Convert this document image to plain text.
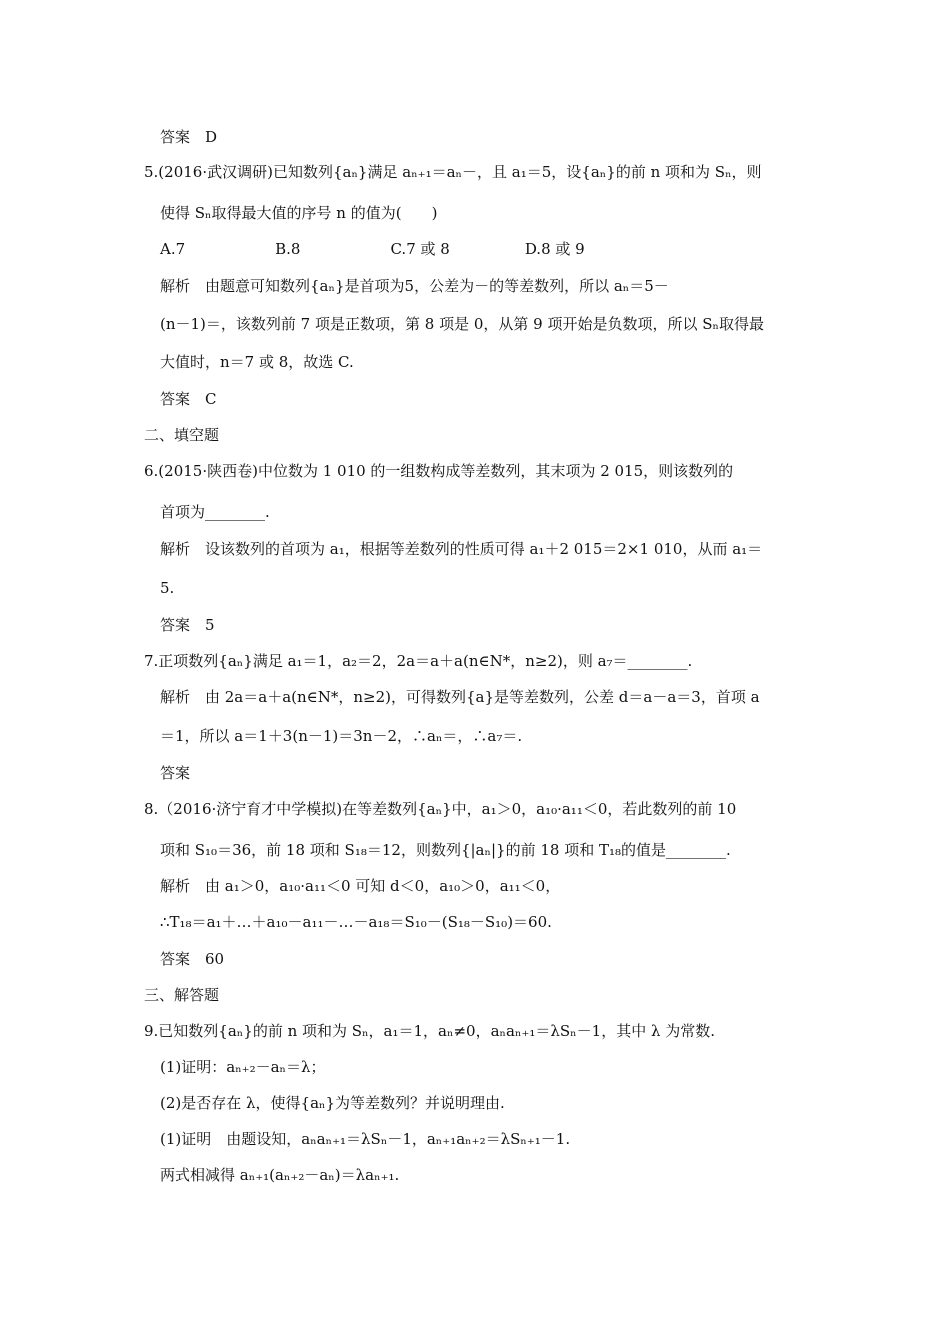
答案　D
5.(2016·武汉调研)已知数列{aₙ}满足 aₙ₊₁＝aₙ－，且 a₁＝5，设{aₙ}的前 n 项和为 Sₙ，则
使得 Sₙ取得最大值的序号 n 的值为(　　)
A.7　　　　　　B.8　　　　　　C.7 或 8　　　　　D.8 或 9
解析　由题意可知数列{aₙ}是首项为5，公差为－的等差数列，所以 aₙ＝5－
(n－1)＝，该数列前 7 项是正数项，第 8 项是 0，从第 9 项开始是负数项，所以 Sₙ取得最
大值时，n＝7 或 8，故选 C.
答案　C
二、填空题
6.(2015·陕西卷)中位数为 1 010 的一组数构成等差数列，其末项为 2 015，则该数列的
首项为________.
解析　设该数列的首项为 a₁，根据等差数列的性质可得 a₁＋2 015＝2×1 010，从而 a₁＝
5.
答案　5
7.正项数列{aₙ}满足 a₁＝1，a₂＝2，2a＝a＋a(n∈N*，n≥2)，则 a₇＝________.
解析　由 2a＝a＋a(n∈N*，n≥2)，可得数列{a}是等差数列，公差 d＝a－a＝3，首项 a
＝1，所以 a＝1＋3(n－1)＝3n－2，∴aₙ＝，∴a₇＝.
答案
8.（2016·济宁育才中学模拟)在等差数列{aₙ}中，a₁＞0，a₁₀·a₁₁＜0，若此数列的前 10
项和 S₁₀＝36，前 18 项和 S₁₈＝12，则数列{|aₙ|}的前 18 项和 T₁₈的值是________.
解析　由 a₁＞0，a₁₀·a₁₁＜0 可知 d＜0，a₁₀＞0，a₁₁＜0，
∴T₁₈＝a₁＋…＋a₁₀－a₁₁－…－a₁₈＝S₁₀－(S₁₈－S₁₀)＝60.
答案　60
三、解答题
9.已知数列{aₙ}的前 n 项和为 Sₙ，a₁＝1，aₙ≠0，aₙaₙ₊₁＝λSₙ－1，其中 λ 为常数.
(1)证明：aₙ₊₂－aₙ＝λ；
(2)是否存在 λ，使得{aₙ}为等差数列？并说明理由.
(1)证明　由题设知，aₙaₙ₊₁＝λSₙ－1，aₙ₊₁aₙ₊₂＝λSₙ₊₁－1.
两式相减得 aₙ₊₁(aₙ₊₂－aₙ)＝λaₙ₊₁.
